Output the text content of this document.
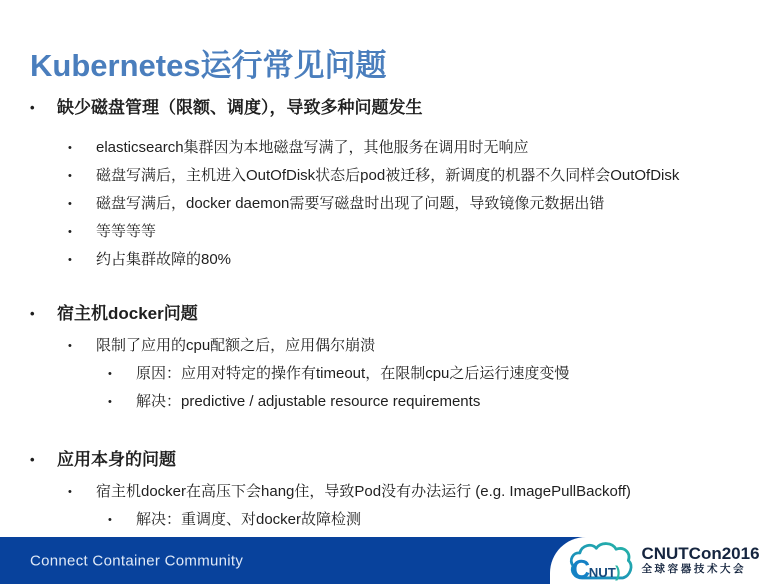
Kubernetes运行常见问题
•	缺少磁盘管理（限额、调度），导致多种问题发生
•	elasticsearch集群因为本地磁盘写满了，其他服务在调用时无响应
•	磁盘写满后，主机进入OutOfDisk状态后pod被迁移，新调度的机器不久同样会OutOfDisk
•	磁盘写满后，docker daemon需要写磁盘时出现了问题，导致镜像元数据出错
•	等等等等
•	约占集群故障的80%
•	宿主机docker问题
•	限制了应用的cpu配额之后，应用偶尔崩溃
•	原因：应用对特定的操作有timeout，在限制cpu之后运行速度变慢
•	解决：predictive / adjustable resource requirements
•	应用本身的问题
•	宿主机docker在高压下会hang住，导致Pod没有办法运行 (e.g. ImagePullBackoff)
•	解决：重调度、对docker故障检测
Connect Container Community	C
NUT )
CNUTCon2016
全球容器技术大会
